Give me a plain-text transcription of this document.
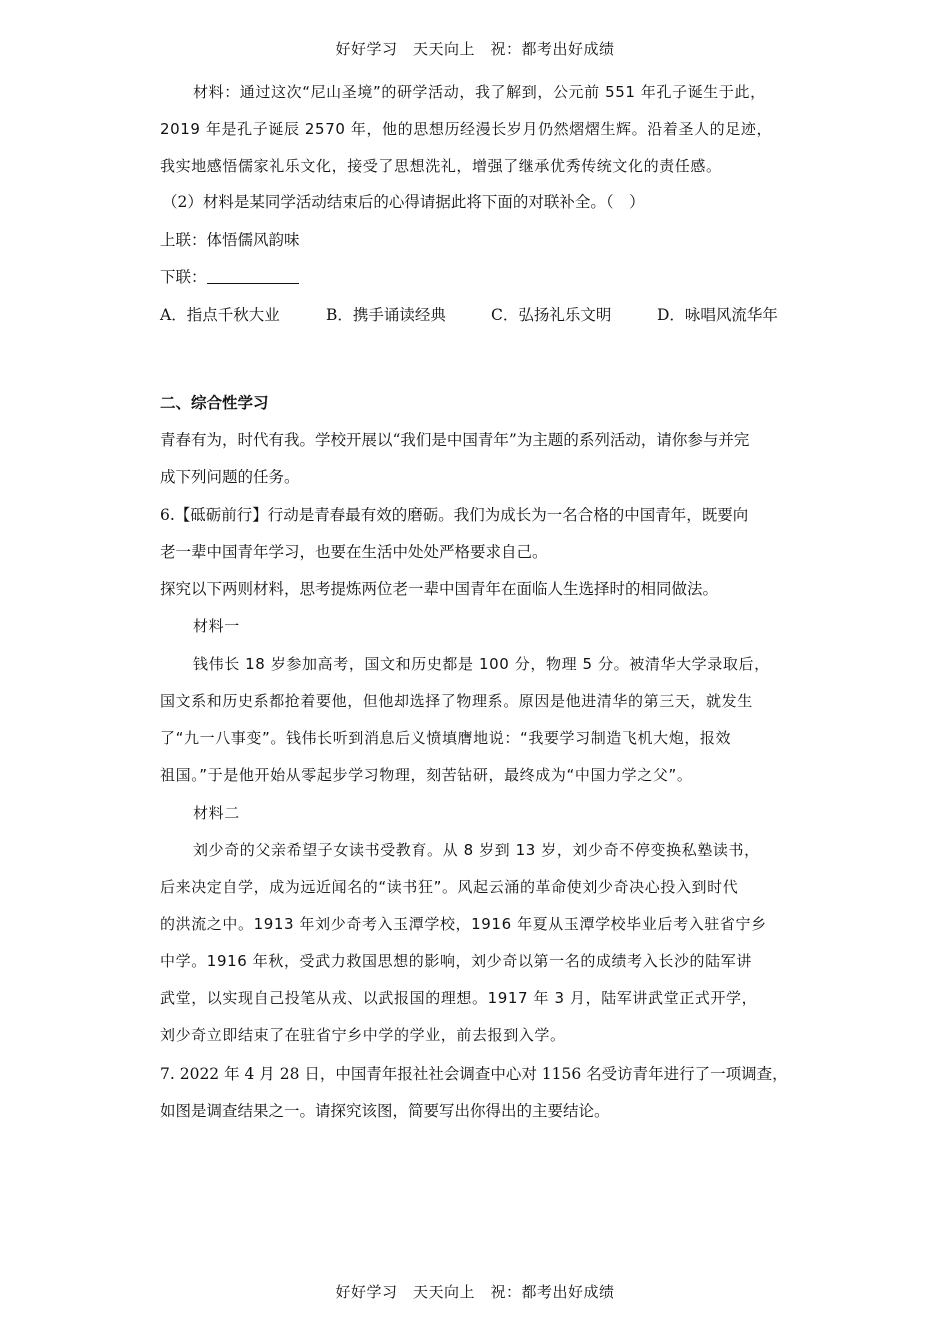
好好学习　天天向上　祝：都考出好成绩
材料：通过这次“尼山圣境”的研学活动，我了解到，公元前 551 年孔子诞生于此，
2019 年是孔子诞辰 2570 年，他的思想历经漫长岁月仍然熠熠生辉。沿着圣人的足迹，
我实地感悟儒家礼乐文化，接受了思想洗礼，增强了继承优秀传统文化的责任感。
（2）材料是某同学活动结束后的心得请据此将下面的对联补全。（　）
上联：体悟儒风韵味
下联：
A．指点千秋大业	B．携手诵读经典	C．弘扬礼乐文明	D．咏唱风流华年
二、综合性学习
青春有为，时代有我。学校开展以“我们是中国青年”为主题的系列活动，请你参与并完
成下列问题的任务。
6.【砥砺前行】行动是青春最有效的磨砺。我们为成长为一名合格的中国青年，既要向
老一辈中国青年学习，也要在生活中处处严格要求自己。
探究以下两则材料，思考提炼两位老一辈中国青年在面临人生选择时的相同做法。
材料一
钱伟长 18 岁参加高考，国文和历史都是 100 分，物理 5 分。被清华大学录取后，
国文系和历史系都抢着要他，但他却选择了物理系。原因是他进清华的第三天，就发生
了“九一八事变”。钱伟长听到消息后义愤填膺地说：“我要学习制造飞机大炮，报效
祖国。”于是他开始从零起步学习物理，刻苦钻研，最终成为“中国力学之父”。
材料二
刘少奇的父亲希望子女读书受教育。从 8 岁到 13 岁，刘少奇不停变换私塾读书，
后来决定自学，成为远近闻名的“读书狂”。风起云涌的革命使刘少奇决心投入到时代
的洪流之中。1913 年刘少奇考入玉潭学校，1916 年夏从玉潭学校毕业后考入驻省宁乡
中学。1916 年秋，受武力救国思想的影响，刘少奇以第一名的成绩考入长沙的陆军讲
武堂，以实现自己投笔从戎、以武报国的理想。1917 年 3 月，陆军讲武堂正式开学，
刘少奇立即结束了在驻省宁乡中学的学业，前去报到入学。
7. 2022 年 4 月 28 日，中国青年报社社会调查中心对 1156 名受访青年进行了一项调查，
如图是调查结果之一。请探究该图，简要写出你得出的主要结论。
好好学习　天天向上　祝：都考出好成绩
